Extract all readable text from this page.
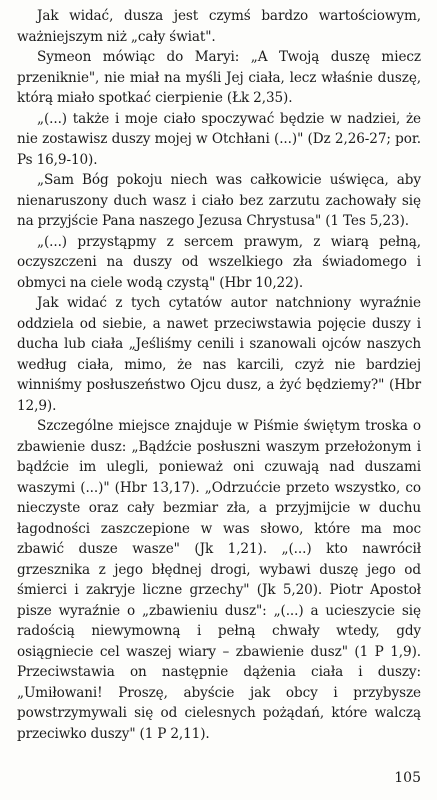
Jak widać, dusza jest czymś bardzo wartościowym, ważniejszym niż „cały świat".

Symeon mówiąc do Maryi: „A Twoją duszę miecz przeniknie", nie miał na myśli Jej ciała, lecz właśnie duszę, którą miało spotkać cierpienie (Łk 2,35).

„(...) także i moje ciało spoczywać będzie w nadziei, że nie zostawisz duszy mojej w Otchłani (...)" (Dz 2,26-27; por. Ps 16,9-10).

„Sam Bóg pokoju niech was całkowicie uświęca, aby nienaruszony duch wasz i ciało bez zarzutu zachowały się na przyjście Pana naszego Jezusa Chrystusa" (1 Tes 5,23).

„(...) przystąpmy z sercem prawym, z wiarą pełną, oczyszczeni na duszy od wszelkiego zła świadomego i obmyci na ciele wodą czystą" (Hbr 10,22).

Jak widać z tych cytatów autor natchniony wyraźnie oddziela od siebie, a nawet przeciwstawia pojęcie duszy i ducha lub ciała „Jeśliśmy cenili i szanowali ojców naszych według ciała, mimo, że nas karcili, czyż nie bardziej winniśmy posłuszeństwo Ojcu dusz, a żyć będziemy?" (Hbr 12,9).

Szczególne miejsce znajduje w Piśmie świętym troska o zbawienie dusz: „Bądźcie posłuszni waszym przełożonym i bądźcie im ulegli, ponieważ oni czuwają nad duszami waszymi (...)" (Hbr 13,17). „Odrzućcie przeto wszystko, co nieczyste oraz cały bezmiar zła, a przyjmijcie w duchu łagodności zaszczepione w was słowo, które ma moc zbawić dusze wasze" (Jk 1,21). „(...) kto nawrócił grzesznika z jego błędnej drogi, wybawi duszę jego od śmierci i zakryje liczne grzechy" (Jk 5,20). Piotr Apostoł pisze wyraźnie o „zbawieniu dusz": „(...) a ucieszycie się radością niewymowną i pełną chwały wtedy, gdy osiągniecie cel waszej wiary – zbawienie dusz" (1 P 1,9). Przeciwstawia on następnie dążenia ciała i duszy: „Umiłowani! Proszę, abyście jak obcy i przybysze powstrzymywali się od cielesnych pożądań, które walczą przeciwko duszy" (1 P 2,11).

105
